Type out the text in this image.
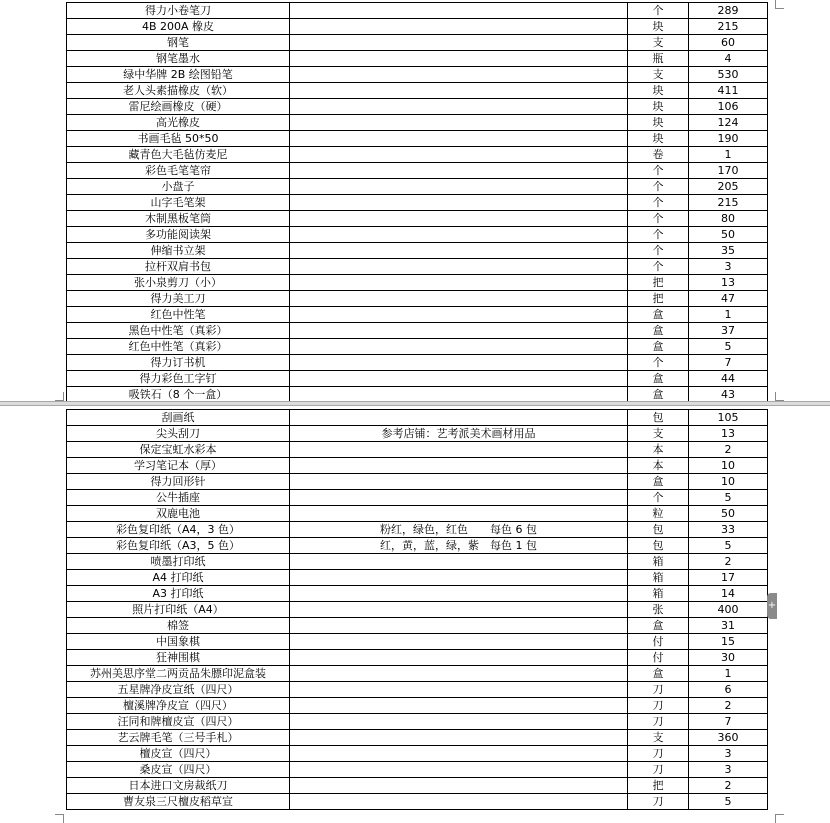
得力小卷笔刀		个	289
4B 200A 橡皮		块	215
钢笔		支	60
钢笔墨水		瓶	4
绿中华牌 2B 绘图铅笔		支	530
老人头素描橡皮（软）		块	411
雷尼绘画橡皮（硬）		块	106
高光橡皮		块	124
书画毛毡 50*50		块	190
藏青色大毛毡仿麦尼		卷	1
彩色毛笔笔帘		个	170
小盘子		个	205
山字毛笔架		个	215
木制黑板笔筒		个	80
多功能阅读架		个	50
伸缩书立架		个	35
拉杆双肩书包		个	3
张小泉剪刀（小）		把	13
得力美工刀		把	47
红色中性笔		盒	1
黑色中性笔（真彩）		盒	37
红色中性笔（真彩）		盒	5
得力订书机		个	7
得力彩色工字钉		盒	44
吸铁石（8 个一盒）		盒	43
刮画纸		包	105
尖头刮刀	参考店铺：艺考派美术画材用品	支	13
保定宝虹水彩本		本	2
学习笔记本（厚）		本	10
得力回形针		盒	10
公牛插座		个	5
双鹿电池		粒	50
彩色复印纸（A4，3 色）	粉红，绿色，红色　　每色 6 包	包	33
彩色复印纸（A3，5 色）	红，黄，蓝，绿，紫　每色 1 包	包	5
喷墨打印纸		箱	2
A4 打印纸		箱	17
A3 打印纸		箱	14
照片打印纸（A4）		张	400
棉签		盒	31
中国象棋		付	15
狂神围棋		付	30
苏州美思序堂二两贡品朱膘印泥盒装		盒	1
五星牌净皮宣纸（四尺）		刀	6
檀溪牌净皮宣（四尺）		刀	2
汪同和牌檀皮宣（四尺）		刀	7
艺云牌毛笔（三号手札）		支	360
檀皮宣（四尺）		刀	3
桑皮宣（四尺）		刀	3
日本进口文房裁纸刀		把	2
曹友泉三尺檀皮稻草宣		刀	5
+
